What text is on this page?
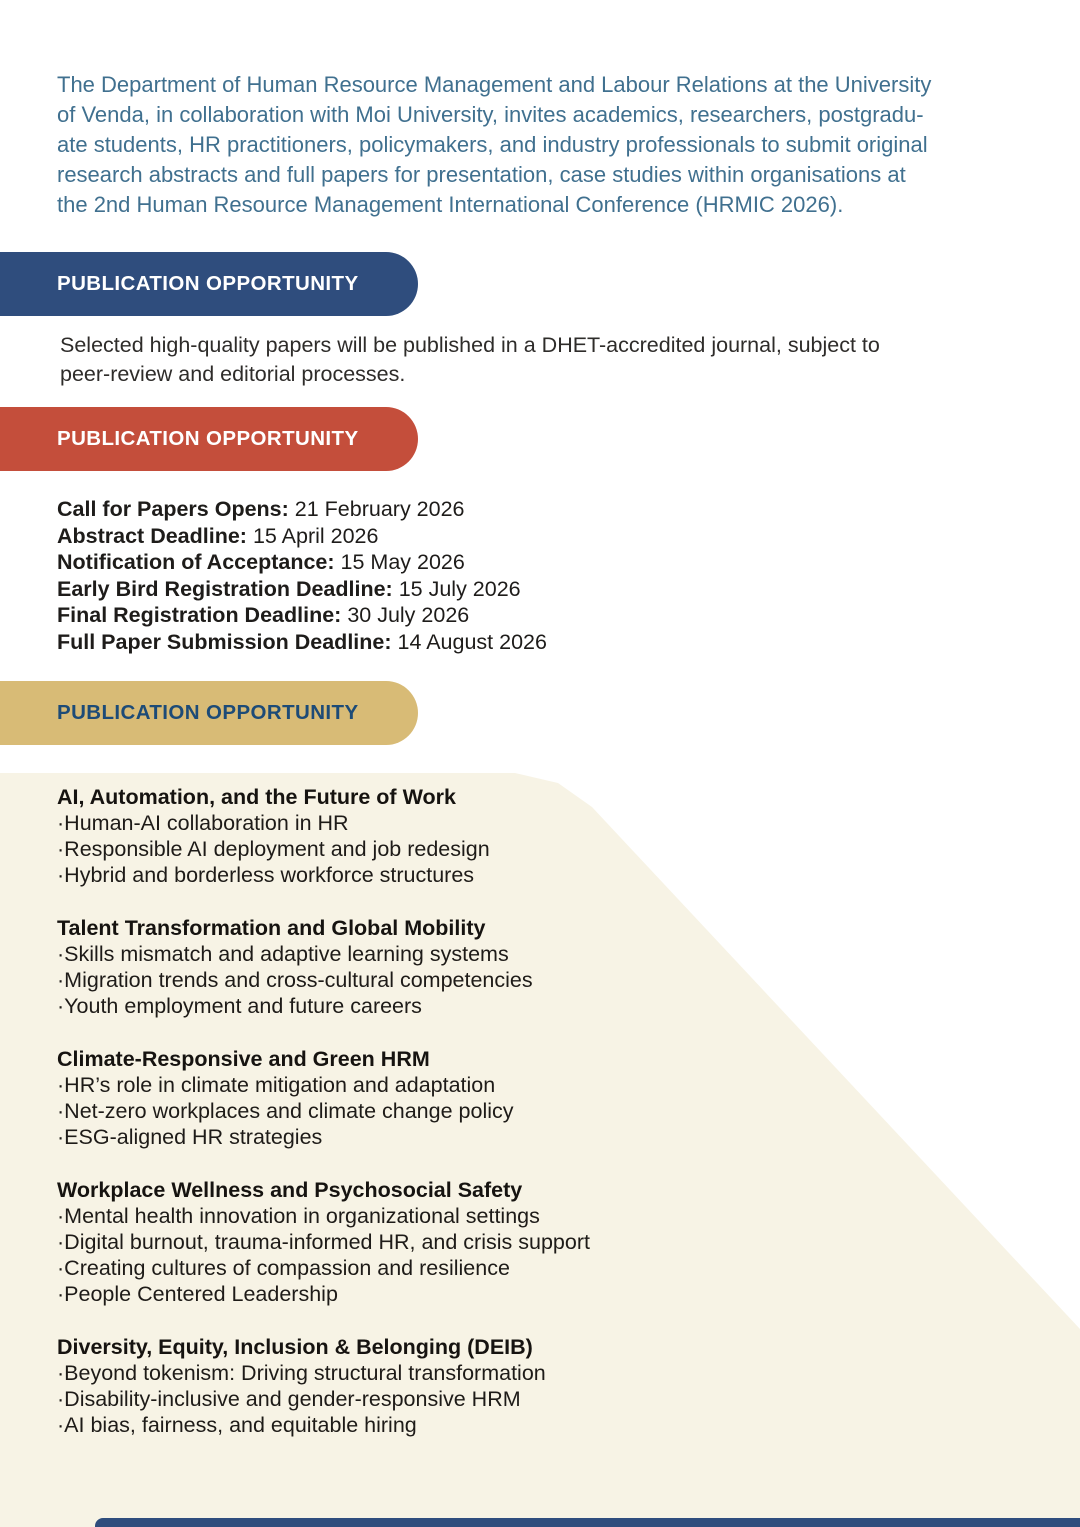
The Department of Human Resource Management and Labour Relations at the University
of Venda, in collaboration with Moi University, invites academics, researchers, postgradu-
ate students, HR practitioners, policymakers, and industry professionals to submit original
research abstracts and full papers for presentation, case studies within organisations at
the 2nd Human Resource Management International Conference (HRMIC 2026).
PUBLICATION OPPORTUNITY
Selected high-quality papers will be published in a DHET-accredited journal, subject to
peer-review and editorial processes.
PUBLICATION OPPORTUNITY
Call for Papers Opens: 21 February 2026
Abstract Deadline: 15 April 2026
Notification of Acceptance: 15 May 2026
Early Bird Registration Deadline: 15 July 2026
Final Registration Deadline: 30 July 2026
Full Paper Submission Deadline: 14 August 2026
PUBLICATION OPPORTUNITY
AI, Automation, and the Future of Work
· Human-AI collaboration in HR
· Responsible AI deployment and job redesign
· Hybrid and borderless workforce structures
Talent Transformation and Global Mobility
· Skills mismatch and adaptive learning systems
· Migration trends and cross-cultural competencies
· Youth employment and future careers
Climate-Responsive and Green HRM
· HR’s role in climate mitigation and adaptation
· Net-zero workplaces and climate change policy
· ESG-aligned HR strategies
Workplace Wellness and Psychosocial Safety
· Mental health innovation in organizational settings
· Digital burnout, trauma-informed HR, and crisis support
· Creating cultures of compassion and resilience
· People Centered Leadership
Diversity, Equity, Inclusion & Belonging (DEIB)
· Beyond tokenism: Driving structural transformation
· Disability-inclusive and gender-responsive HRM
· AI bias, fairness, and equitable hiring
